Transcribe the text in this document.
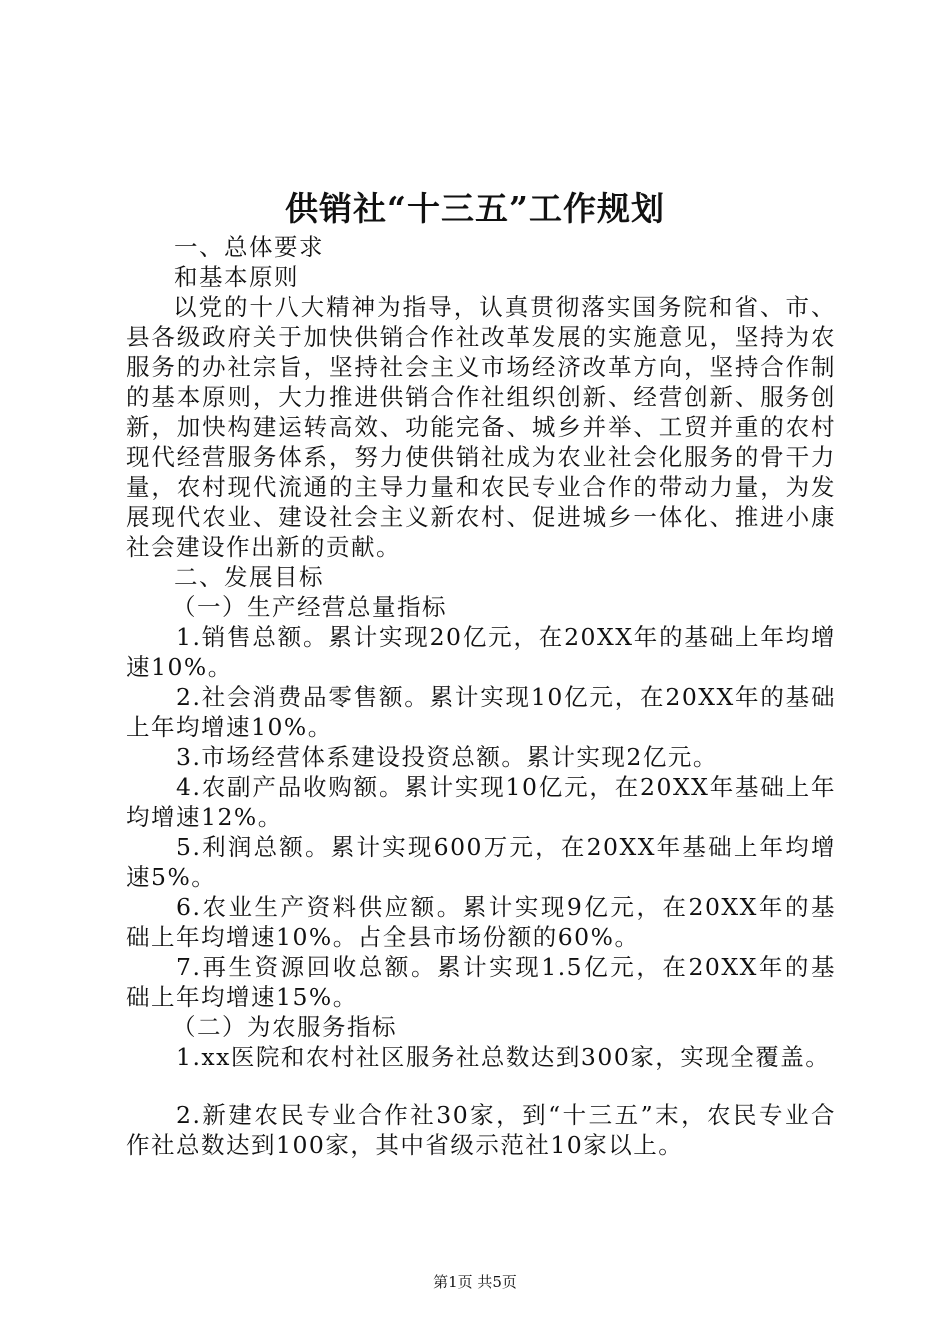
供销社“十三五”工作规划

一、总体要求

和基本原则

以党的十八大精神为指导，认真贯彻落实国务院和省、市、县各级政府关于加快供销合作社改革发展的实施意见，坚持为农服务的办社宗旨，坚持社会主义市场经济改革方向，坚持合作制的基本原则，大力推进供销合作社组织创新、经营创新、服务创新，加快构建运转高效、功能完备、城乡并举、工贸并重的农村现代经营服务体系，努力使供销社成为农业社会化服务的骨干力量，农村现代流通的主导力量和农民专业合作的带动力量，为发展现代农业、建设社会主义新农村、促进城乡一体化、推进小康社会建设作出新的贡献。

二、发展目标

（一）生产经营总量指标

1.销售总额。累计实现20亿元，在20XX年的基础上年均增速10%。

2.社会消费品零售额。累计实现10亿元，在20XX年的基础上年均增速10%。

3.市场经营体系建设投资总额。累计实现2亿元。

4.农副产品收购额。累计实现10亿元，在20XX年基础上年均增速12%。

5.利润总额。累计实现600万元，在20XX年基础上年均增速5%。

6.农业生产资料供应额。累计实现9亿元，在20XX年的基础上年均增速10%。占全县市场份额的60%。

7.再生资源回收总额。累计实现1.5亿元，在20XX年的基础上年均增速15%。

（二）为农服务指标

1.xx医院和农村社区服务社总数达到300家，实现全覆盖。

2.新建农民专业合作社30家，到“十三五”末，农民专业合作社总数达到100家，其中省级示范社10家以上。

第1页 共5页
